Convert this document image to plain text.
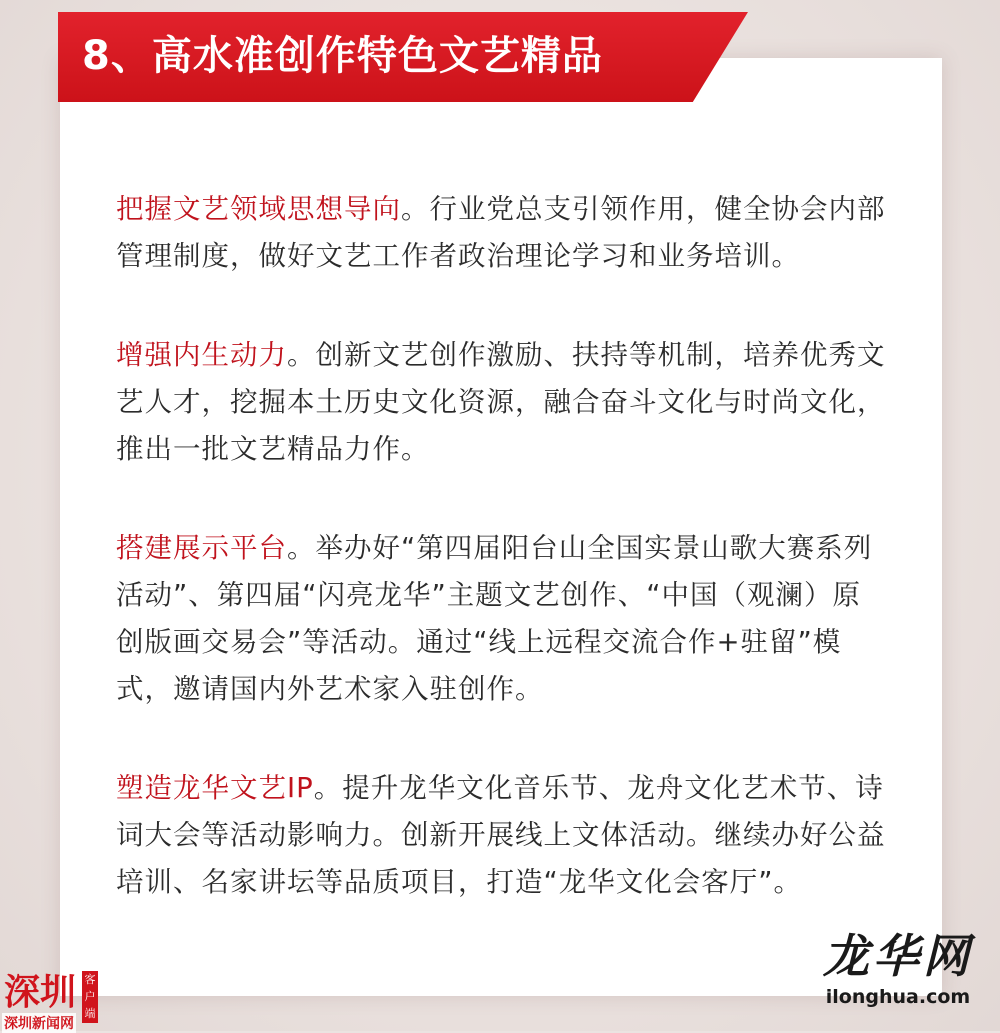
8、高水准创作特色文艺精品

把握文艺领域思想导向。行业党总支引领作用，健全协会内部管理制度，做好文艺工作者政治理论学习和业务培训。

增强内生动力。创新文艺创作激励、扶持等机制，培养优秀文艺人才，挖掘本土历史文化资源，融合奋斗文化与时尚文化，推出一批文艺精品力作。

搭建展示平台。举办好“第四届阳台山全国实景山歌大赛系列活动”、第四届“闪亮龙华”主题文艺创作、“中国（观澜）原创版画交易会”等活动。通过“线上远程交流合作+驻留”模式，邀请国内外艺术家入驻创作。

塑造龙华文艺IP。提升龙华文化音乐节、龙舟文化艺术节、诗词大会等活动影响力。创新开展线上文体活动。继续办好公益培训、名家讲坛等品质项目，打造“龙华文化会客厅”。

深圳 客户端
深圳新闻网
龙华网
ilonghua.com
